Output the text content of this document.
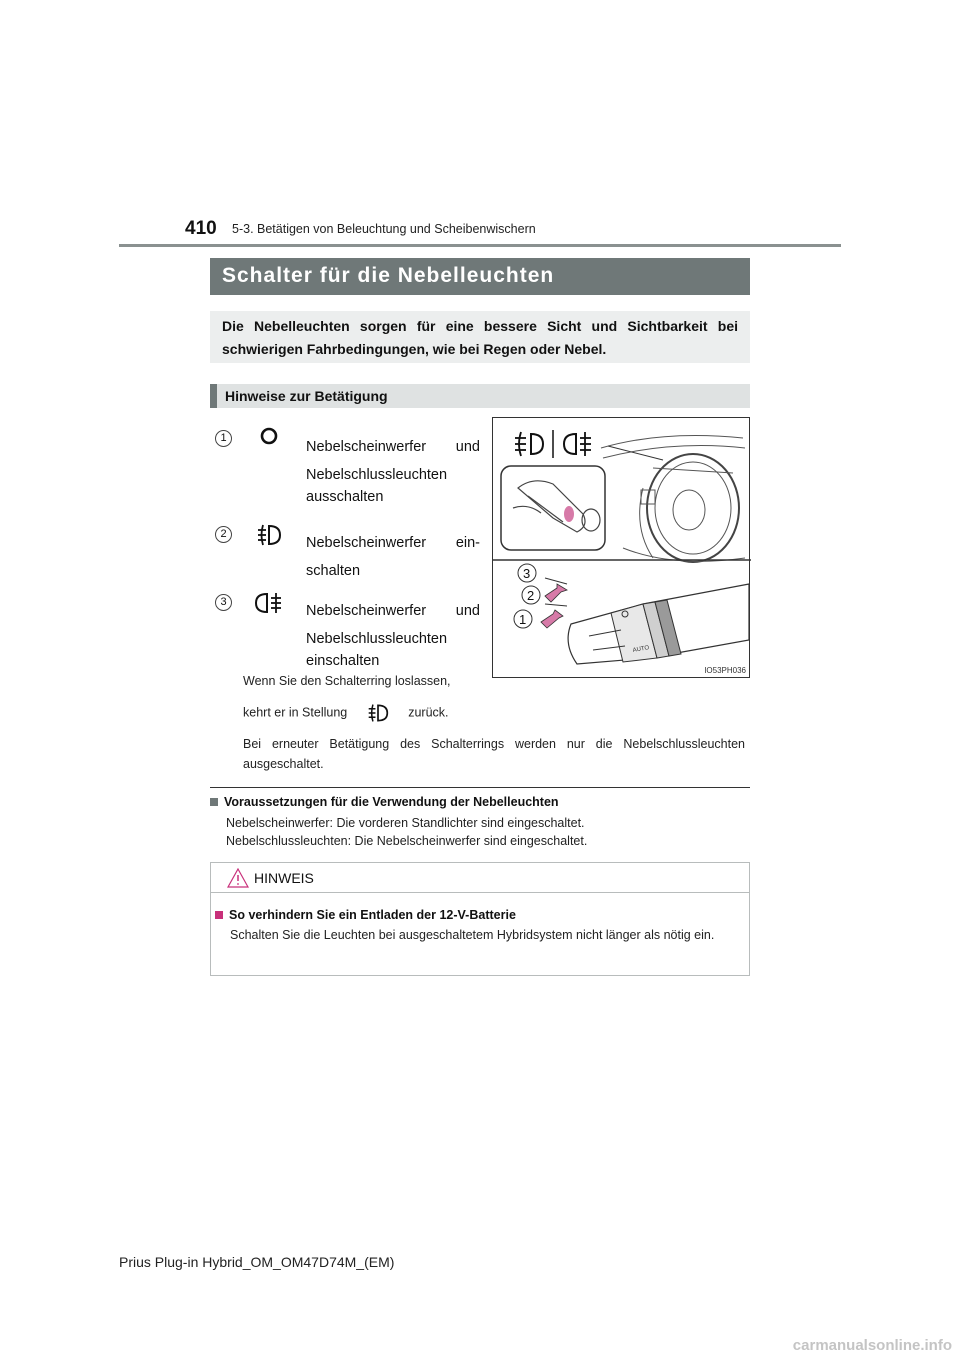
410 5-3. Betätigen von Beleuchtung und Scheibenwischern
Schalter für die Nebelleuchten
Die Nebelleuchten sorgen für eine bessere Sicht und Sichtbarkeit bei schwierigen Fahrbedingungen, wie bei Regen oder Nebel.
Hinweise zur Betätigung
1
Nebelscheinwerfer und
Nebelschlussleuchten
ausschalten
2
Nebelscheinwerfer ein-
schalten
3
Nebelscheinwerfer und
Nebelschlussleuchten
einschalten
AUTO
3
2
1
IO53PH036
Wenn Sie den Schalterring loslassen,
kehrt er in Stellung	zurück.
Bei erneuter Betätigung des Schalterrings werden nur die Nebelschlussleuchten ausgeschaltet.
Voraussetzungen für die Verwendung der Nebelleuchten
Nebelscheinwerfer: Die vorderen Standlichter sind eingeschaltet.
Nebelschlussleuchten: Die Nebelscheinwerfer sind eingeschaltet.
HINWEIS
So verhindern Sie ein Entladen der 12-V-Batterie
Schalten Sie die Leuchten bei ausgeschaltetem Hybridsystem nicht länger als nötig ein.
Prius Plug-in Hybrid_OM_OM47D74M_(EM)
carmanualsonline.info
